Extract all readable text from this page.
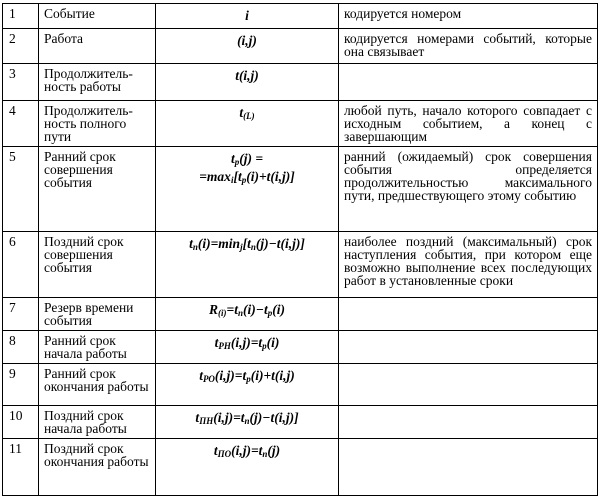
1	Событие	i	кодируется номером
2	Работа	(i,j)	кодируется номерами событий, которые она связывает
3	Продолжитель-ность работы	t(i,j)	
4	Продолжитель-ность полного пути	$t_{(L)}$	любой путь, начало которого совпадает с исходным событием, а конец с завершающим
5	Ранний срок совершения события	$t_р(j)$ =
$=\max_i[t_р(i)+t(i,j)]$	ранний (ожидаемый) срок совершения события определяется продолжительностью максимального пути, предшествующего этому событию
6	Поздний срок совершения события	$t_п(i)=\min_j[t_п(j)-t(i,j)]$	наиболее поздний (максимальный) срок наступления события, при котором еще возможно выполнение всех последующих работ в установленные сроки
7	Резерв времени события	$R_{(i)}=t_п(i)-t_р(i)$	
8	Ранний срок начала работы	$t_{РН}(i,j)=t_р(i)$	
9	Ранний срок окончания работы	$t_{РО}(i,j)=t_р(i)+t(i,j)$	
10	Поздний срок начала работы	$t_{ПН}(i,j)=t_п(j)-t(i,j)$]	
11	Поздний срок окончания работы	$t_{ПО}(i,j)=t_п(j)$	
